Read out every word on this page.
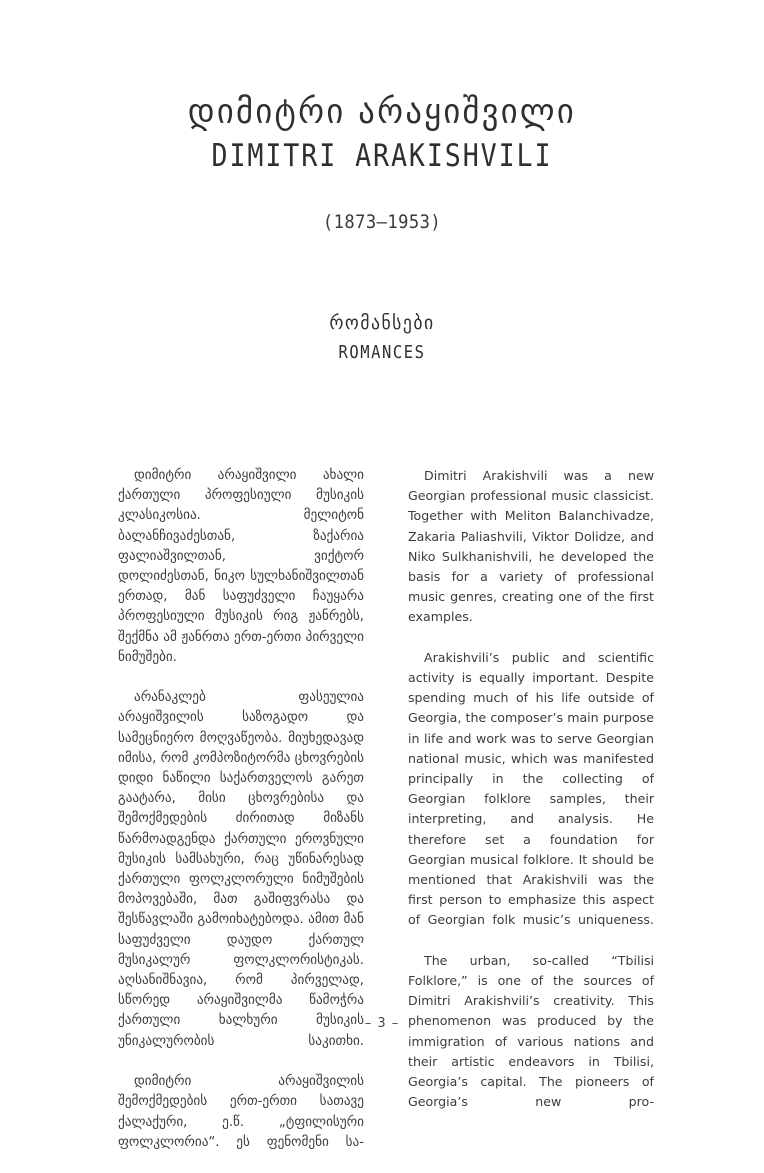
დიმიტრი არაყიშვილი
DIMITRI ARAKISHVILI
(1873–1953)
რომანსები
ROMANCES

დიმიტრი არაყიშვილი ახალი ქართული პროფესიული მუსიკის კლასიკოსია. მელიტონ ბალანჩივაძესთან, ზაქარია ფალიაშვილთან, ვიქტორ დოლიძესთან, ნიკო სულხანიშვილთან ერთად, მან საფუძველი ჩაუყარა პროფესიული მუსიკის რიგ ჟანრებს, შექმნა ამ ჟანრთა ერთ-ერთი პირველი ნიმუშები.

არანაკლებ ფასეულია არაყიშვილის საზოგადო და სამეცნიერო მოღვაწეობა. მიუხედავად იმისა, რომ კომპოზიტორმა ცხოვრების დიდი ნაწილი საქართველოს გარეთ გაატარა, მისი ცხოვრებისა და შემოქმედების ძირითად მიზანს წარმოადგენდა ქართული ეროვნული მუსიკის სამსახური, რაც უწინარესად ქართული ფოლკლორული ნიმუშების მოპოვებაში, მათ გაშიფვრასა და შესწავლაში გამოიხატებოდა. ამით მან საფუძველი დაუდო ქართულ მუსიკალურ ფოლკლორისტიკას. აღსანიშნავია, რომ პირველად, სწორედ არაყიშვილმა წამოჭრა ქართული ხალხური მუსიკის უნიკალურობის საკითხი.

დიმიტრი არაყიშვილის შემოქმედების ერთ-ერთი სათავე ქალაქური, ე.წ. „ტფილისური ფოლკლორია“. ეს ფენომენი სა-

Dimitri Arakishvili was a new Georgian professional music classicist. Together with Meliton Balanchivadze, Zakaria Paliashvili, Viktor Dolidze, and Niko Sulkhanishvili, he developed the basis for a variety of professional music genres, creating one of the first examples.

Arakishvili’s public and scientific activity is equally important. Despite spending much of his life outside of Georgia, the composer’s main purpose in life and work was to serve Georgian national music, which was manifested principally in the collecting of Georgian folklore samples, their interpreting, and analysis. He therefore set a foundation for Georgian musical folklore. It should be mentioned that Arakishvili was the first person to emphasize this aspect of Georgian folk music’s uniqueness.

The urban, so-called “Tbilisi Folklore,” is one of the sources of Dimitri Arakishvili’s creativity. This phenomenon was produced by the immigration of various nations and their artistic endeavors in Tbilisi, Georgia’s capital. The pioneers of Georgia’s new pro-

– 3 –
